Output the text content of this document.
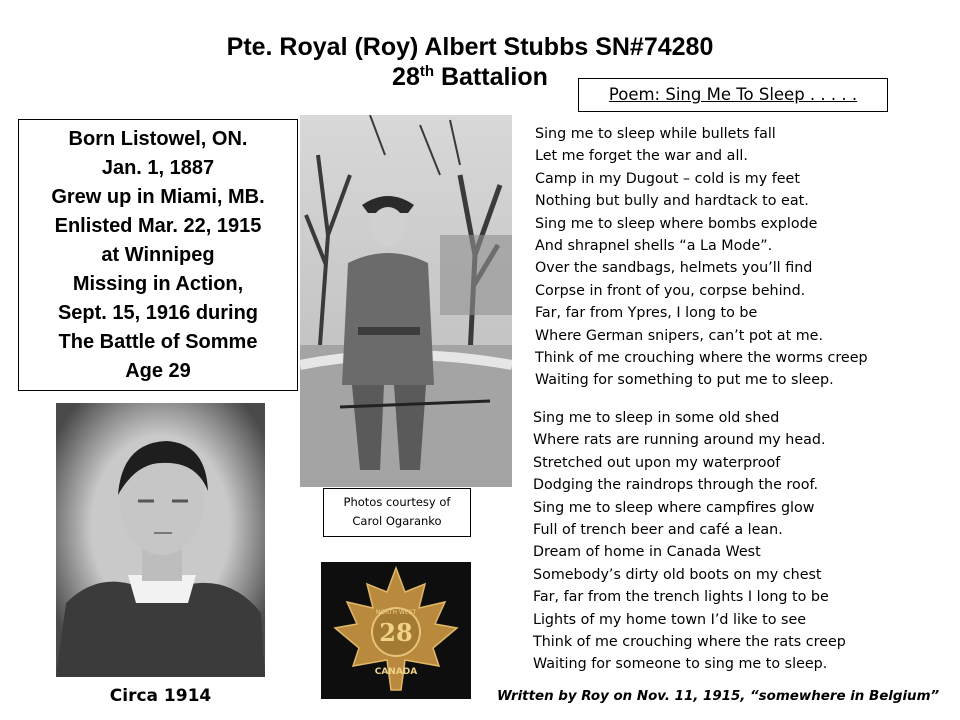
Pte. Royal (Roy) Albert Stubbs SN#74280
28th Battalion
Poem: Sing Me To Sleep . . . . .
Born Listowel, ON.
Jan. 1, 1887
Grew up in Miami, MB.
Enlisted Mar. 22, 1915
at Winnipeg
Missing in Action,
Sept. 15, 1916 during
The Battle of Somme
Age 29
Photos courtesy of
Carol Ogaranko
Circa 1914
28
NORTH WEST
CANADA
Sing me to sleep while bullets fall
Let me forget the war and all.
Camp in my Dugout – cold is my feet
Nothing but bully and hardtack to eat.
Sing me to sleep where bombs explode
And shrapnel shells “a La Mode”.
Over the sandbags, helmets you’ll find
Corpse in front of you, corpse behind.
Far, far from Ypres, I long to be
Where German snipers, can’t pot at me.
Think of me crouching where the worms creep
Waiting for something to put me to sleep.
Sing me to sleep in some old shed
Where rats are running around my head.
Stretched out upon my waterproof
Dodging the raindrops through the roof.
Sing me to sleep where campfires glow
Full of trench beer and café a lean.
Dream of home in Canada West
Somebody’s dirty old boots on my chest
Far, far from the trench lights I long to be
Lights of my home town I’d like to see
Think of me crouching where the rats creep
Waiting for someone to sing me to sleep.
Written by Roy on Nov. 11, 1915, “somewhere in Belgium”
